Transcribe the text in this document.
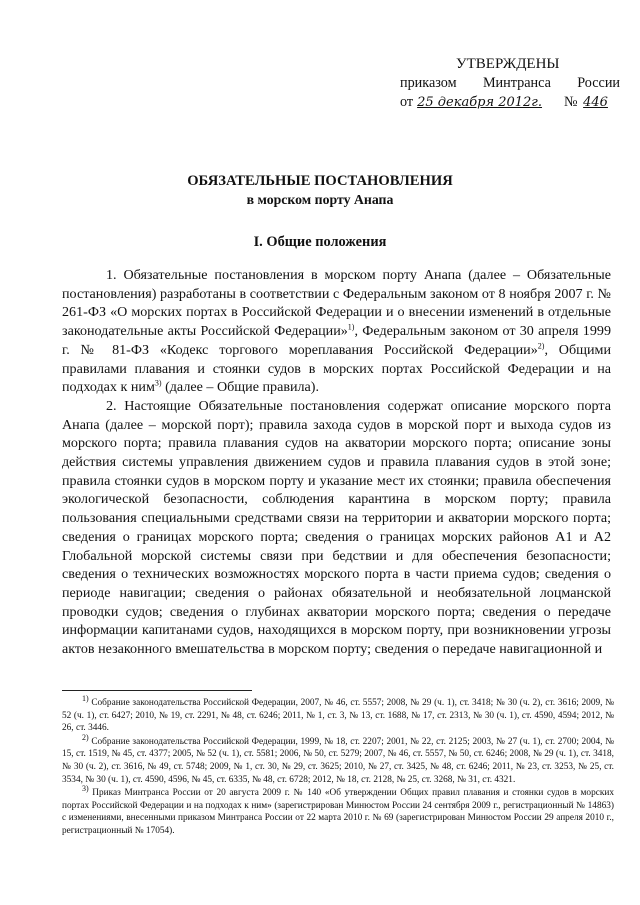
УТВЕРЖДЕНЫ
приказом Минтранса России
от 25 декабря 2012г. № 446
ОБЯЗАТЕЛЬНЫЕ ПОСТАНОВЛЕНИЯ
в морском порту Анапа
I. Общие положения

1. Обязательные постановления в морском порту Анапа (далее – Обязательные постановления) разработаны в соответствии с Федеральным законом от 8 ноября 2007 г. № 261-ФЗ «О морских портах в Российской Федерации и о внесении изменений в отдельные законодательные акты Российской Федерации»$^{1)}$, Федеральным законом от 30 апреля 1999 г. № 81-ФЗ «Кодекс торгового мореплавания Российской Федерации»$^{2)}$, Общими правилами плавания и стоянки судов в морских портах Российской Федерации и на подходах к ним$^{3)}$ (далее – Общие правила).

2. Настоящие Обязательные постановления содержат описание морского порта Анапа (далее – морской порт); правила захода судов в морской порт и выхода судов из морского порта; правила плавания судов на акватории морского порта; описание зоны действия системы управления движением судов и правила плавания судов в этой зоне; правила стоянки судов в морском порту и указание мест их стоянки; правила обеспечения экологической безопасности, соблюдения карантина в морском порту; правила пользования специальными средствами связи на территории и акватории морского порта; сведения о границах морского порта; сведения о границах морских районов А1 и А2 Глобальной морской системы связи при бедствии и для обеспечения безопасности; сведения о технических возможностях морского порта в части приема судов; сведения о периоде навигации; сведения о районах обязательной и необязательной лоцманской проводки судов; сведения о глубинах акватории морского порта; сведения о передаче информации капитанами судов, находящихся в морском порту, при возникновении угрозы актов незаконного вмешательства в морском порту; сведения о передаче навигационной и

$^{1)}$ Собрание законодательства Российской Федерации, 2007, № 46, ст. 5557; 2008, № 29 (ч. 1), ст. 3418; № 30 (ч. 2), ст. 3616; 2009, № 52 (ч. 1), ст. 6427; 2010, № 19, ст. 2291, № 48, ст. 6246; 2011, № 1, ст. 3, № 13, ст. 1688, № 17, ст. 2313, № 30 (ч. 1), ст. 4590, 4594; 2012, № 26, ст. 3446.

$^{2)}$ Собрание законодательства Российской Федерации, 1999, № 18, ст. 2207; 2001, № 22, ст. 2125; 2003, № 27 (ч. 1), ст. 2700; 2004, № 15, ст. 1519, № 45, ст. 4377; 2005, № 52 (ч. 1), ст. 5581; 2006, № 50, ст. 5279; 2007, № 46, ст. 5557, № 50, ст. 6246; 2008, № 29 (ч. 1), ст. 3418, № 30 (ч. 2), ст. 3616, № 49, ст. 5748; 2009, № 1, ст. 30, № 29, ст. 3625; 2010, № 27, ст. 3425, № 48, ст. 6246; 2011, № 23, ст. 3253, № 25, ст. 3534, № 30 (ч. 1), ст. 4590, 4596, № 45, ст. 6335, № 48, ст. 6728; 2012, № 18, ст. 2128, № 25, ст. 3268, № 31, ст. 4321.

$^{3)}$ Приказ Минтранса России от 20 августа 2009 г. № 140 «Об утверждении Общих правил плавания и стоянки судов в морских портах Российской Федерации и на подходах к ним» (зарегистрирован Минюстом России 24 сентября 2009 г., регистрационный № 14863) с изменениями, внесенными приказом Минтранса России от 22 марта 2010 г. № 69 (зарегистрирован Минюстом России 29 апреля 2010 г., регистрационный № 17054).
